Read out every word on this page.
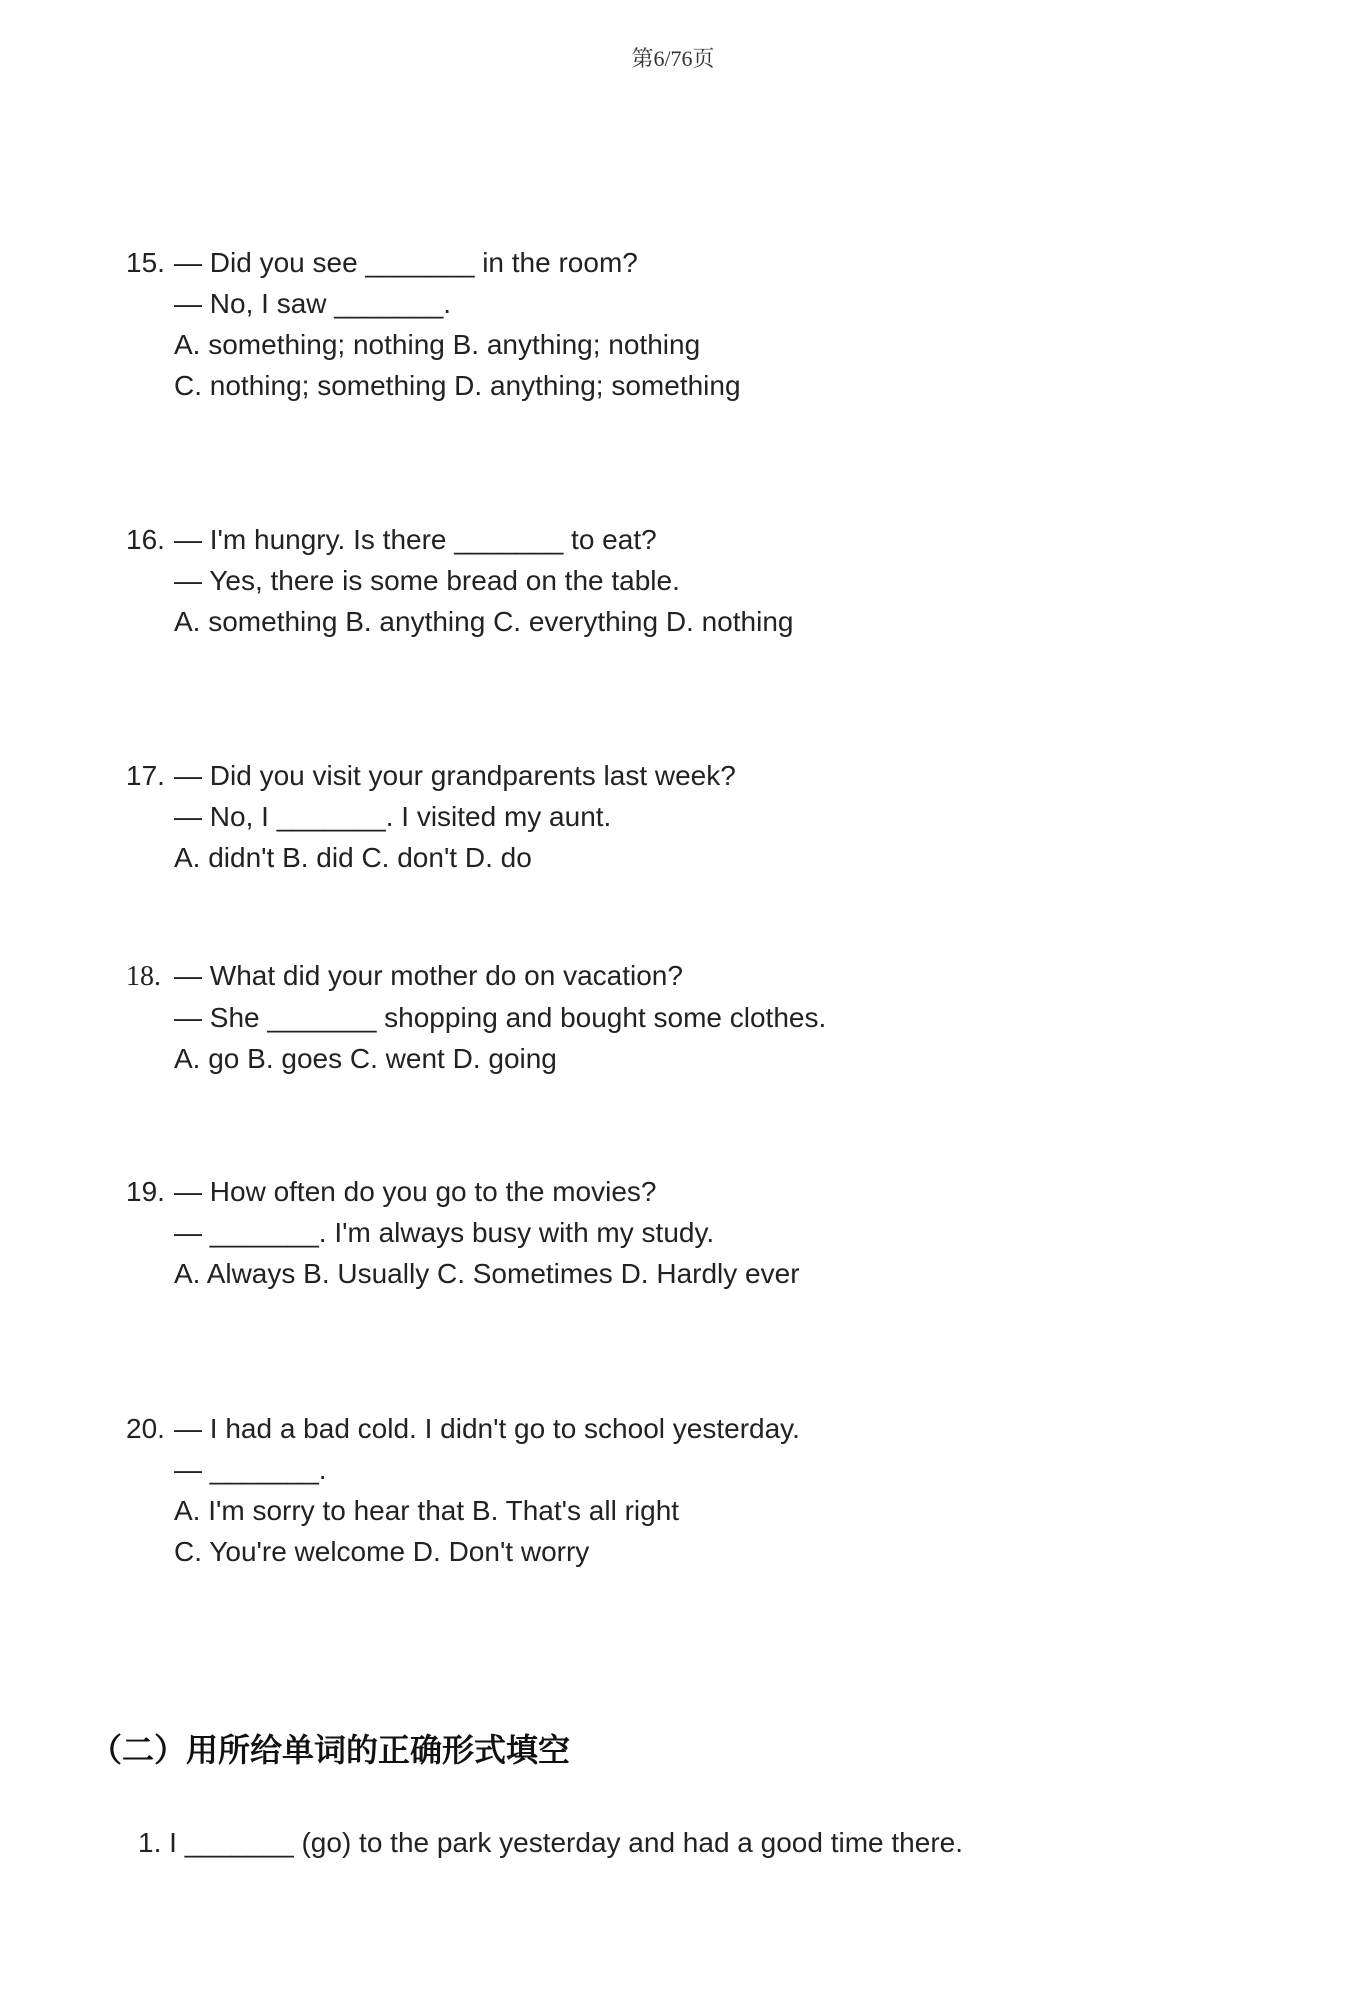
第6/76页
15. — Did you see _______ in the room?
— No, I saw _______.
A. something; nothing B. anything; nothing
C. nothing; something D. anything; something
16. — I'm hungry. Is there _______ to eat?
— Yes, there is some bread on the table.
A. something B. anything C. everything D. nothing
17. — Did you visit your grandparents last week?
— No, I _______. I visited my aunt.
A. didn't B. did C. don't D. do
18. — What did your mother do on vacation?
— She _______ shopping and bought some clothes.
A. go B. goes C. went D. going
19. — How often do you go to the movies?
— _______. I'm always busy with my study.
A. Always B. Usually C. Sometimes D. Hardly ever
20. — I had a bad cold. I didn't go to school yesterday.
— _______.
A. I'm sorry to hear that B. That's all right
C. You're welcome D. Don't worry
（二）用所给单词的正确形式填空
1. I _______ (go) to the park yesterday and had a good time there.
